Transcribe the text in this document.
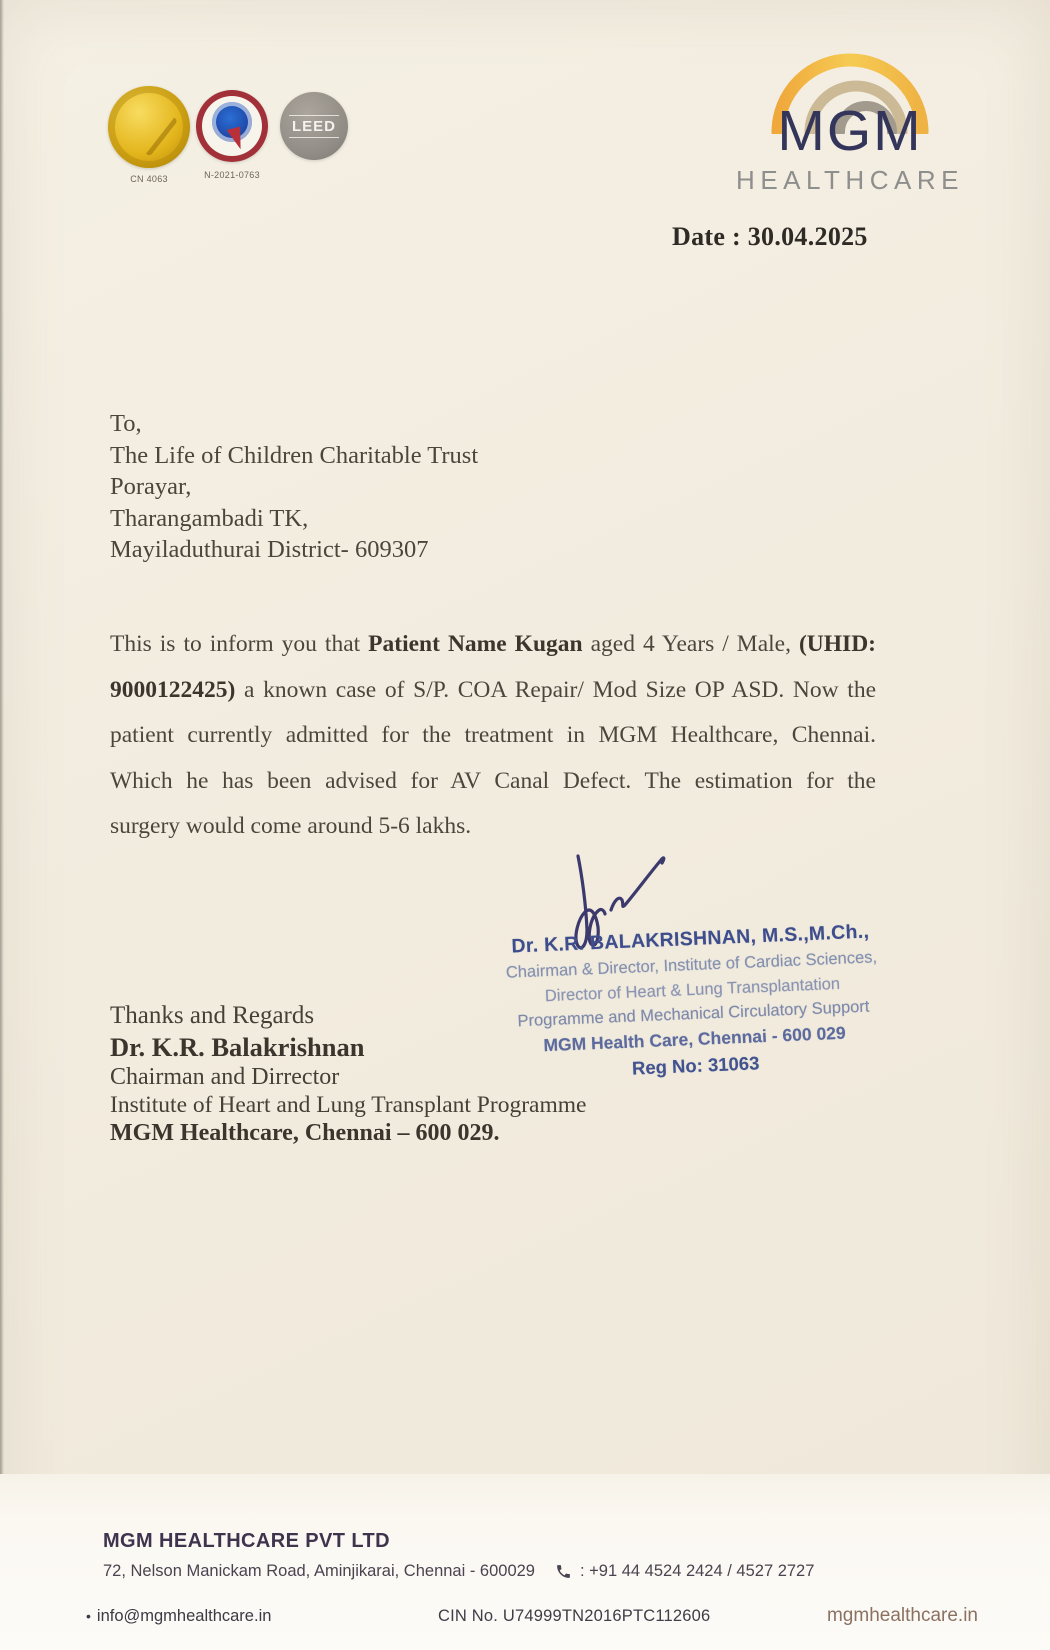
LEED
CN 4063	N-2021-0763
MGM
HEALTHCARE
Date : 30.04.2025
To,
The Life of Children Charitable Trust
Porayar,
Tharangambadi TK,
Mayiladuthurai District- 609307
This is to inform you that Patient Name Kugan aged 4 Years / Male, (UHID:
9000122425) a known case of S/P. COA Repair/ Mod Size OP ASD. Now the
patient currently admitted for the treatment in MGM Healthcare, Chennai.
Which he has been advised for AV Canal Defect. The estimation for the
surgery would come around 5-6 lakhs.
Dr. K.R. BALAKRISHNAN, M.S.,M.Ch.,
Chairman & Director, Institute of Cardiac Sciences,
Director of Heart & Lung Transplantation
Programme and Mechanical Circulatory Support
MGM Health Care, Chennai - 600 029
Reg No: 31063
Thanks and Regards
Dr. K.R. Balakrishnan
Chairman and Dirrector
Institute of Heart and Lung Transplant Programme
MGM Healthcare, Chennai – 600 029.
MGM HEALTHCARE PVT LTD
72, Nelson Manickam Road, Aminjikarai, Chennai - 600029	: +91 44 4524 2424 / 4527 2727
• info@mgmhealthcare.in	CIN No. U74999TN2016PTC112606	mgmhealthcare.in
